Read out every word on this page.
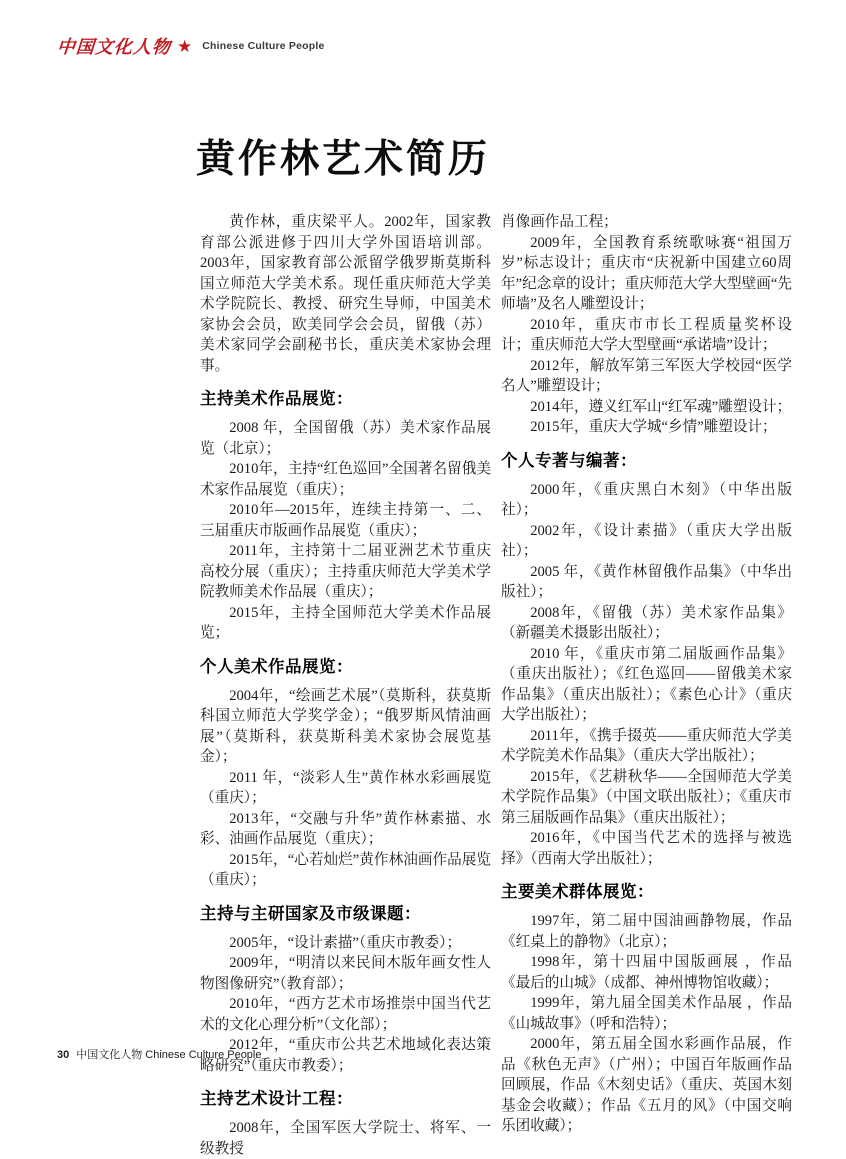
中国文化人物 ★ Chinese Culture People
黄作林艺术简历

黄作林，重庆梁平人。2002年，国家教育部公派进修于四川大学外国语培训部。2003年，国家教育部公派留学俄罗斯莫斯科国立师范大学美术系。现任重庆师范大学美术学院院长、教授、研究生导师，中国美术家协会会员，欧美同学会会员，留俄（苏）美术家同学会副秘书长，重庆美术家协会理事。

主持美术作品展览：

2008 年，全国留俄（苏）美术家作品展览（北京）；

2010年，主持“红色巡回”全国著名留俄美术家作品展览（重庆）；

2010年—2015年，连续主持第一、二、三届重庆市版画作品展览（重庆）；

2011年，主持第十二届亚洲艺术节重庆高校分展（重庆）；主持重庆师范大学美术学院教师美术作品展（重庆）；

2015年，主持全国师范大学美术作品展览；

个人美术作品展览：

2004年，“绘画艺术展”（莫斯科，获莫斯科国立师范大学奖学金）；“俄罗斯风情油画展”（莫斯科，获莫斯科美术家协会展览基金）；

2011 年，“淡彩人生”黄作林水彩画展览（重庆）；

2013年，“交融与升华”黄作林素描、水彩、油画作品展览（重庆）；

2015年，“心若灿烂”黄作林油画作品展览（重庆）；

主持与主研国家及市级课题：

2005年，“设计素描”（重庆市教委）；

2009年，“明清以来民间木版年画女性人物图像研究”（教育部）；

2010年，“西方艺术市场推崇中国当代艺术的文化心理分析”（文化部）；

2012年，“重庆市公共艺术地域化表达策略研究”（重庆市教委）；

主持艺术设计工程：

2008年，全国军医大学院士、将军、一级教授

肖像画作品工程；

2009年，全国教育系统歌咏赛“祖国万岁”标志设计；重庆市“庆祝新中国建立60周年”纪念章的设计；重庆师范大学大型壁画“先师墙”及名人雕塑设计；

2010年，重庆市市长工程质量奖杯设计；重庆师范大学大型壁画“承诺墙”设计；

2012年，解放军第三军医大学校园“医学名人”雕塑设计；

2014年，遵义红军山“红军魂”雕塑设计；

2015年，重庆大学城“乡情”雕塑设计；

个人专著与编著：

2000年，《重庆黑白木刻》（中华出版社）；

2002年，《设计素描》（重庆大学出版社）；

2005 年，《黄作林留俄作品集》（中华出版社）；

2008年，《留俄（苏）美术家作品集》（新疆美术摄影出版社）；

2010 年，《重庆市第二届版画作品集》（重庆出版社）；《红色巡回——留俄美术家作品集》（重庆出版社）；《素色心计》（重庆大学出版社）；

2011年，《携手掇英——重庆师范大学美术学院美术作品集》（重庆大学出版社）；

2015年，《艺耕秋华——全国师范大学美术学院作品集》（中国文联出版社）；《重庆市第三届版画作品集》（重庆出版社）；

2016年，《中国当代艺术的选择与被选择》（西南大学出版社）；

主要美术群体展览：

1997年，第二届中国油画静物展，作品《红桌上的静物》（北京）；

1998年，第十四届中国版画展 ，作品《最后的山城》（成都、神州博物馆收藏）；

1999年，第九届全国美术作品展 ，作品《山城故事》（呼和浩特）；

2000年，第五届全国水彩画作品展，作品《秋色无声》（广州）；中国百年版画作品回顾展，作品《木刻史话》（重庆、英国木刻基金会收藏）；作品《五月的风》（中国交响乐团收藏）；

30 中国文化人物 Chinese Culture People
